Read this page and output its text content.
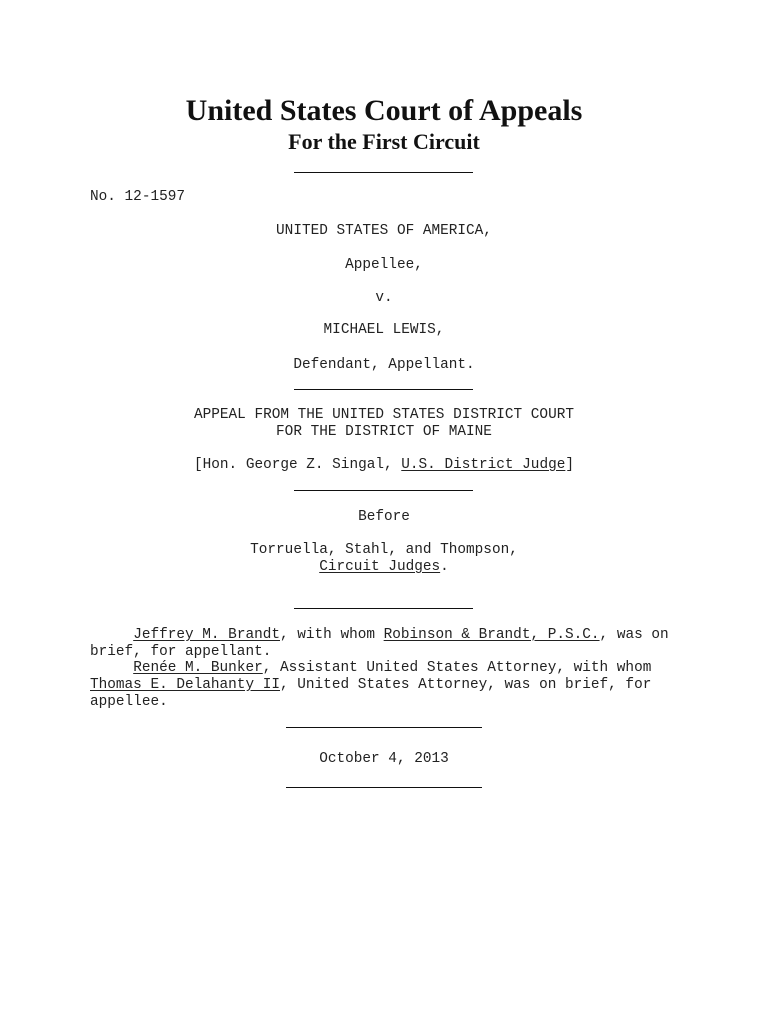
United States Court of Appeals
For the First Circuit
No. 12-1597
UNITED STATES OF AMERICA,
Appellee,
v.
MICHAEL LEWIS,
Defendant, Appellant.
APPEAL FROM THE UNITED STATES DISTRICT COURT
FOR THE DISTRICT OF MAINE
[Hon. George Z. Singal, U.S. District Judge]
Before
Torruella, Stahl, and Thompson,
Circuit Judges.
Jeffrey M. Brandt, with whom Robinson & Brandt, P.S.C., was on
brief, for appellant.
Renée M. Bunker, Assistant United States Attorney, with whom
Thomas E. Delahanty II, United States Attorney, was on brief, for
appellee.
October 4, 2013
